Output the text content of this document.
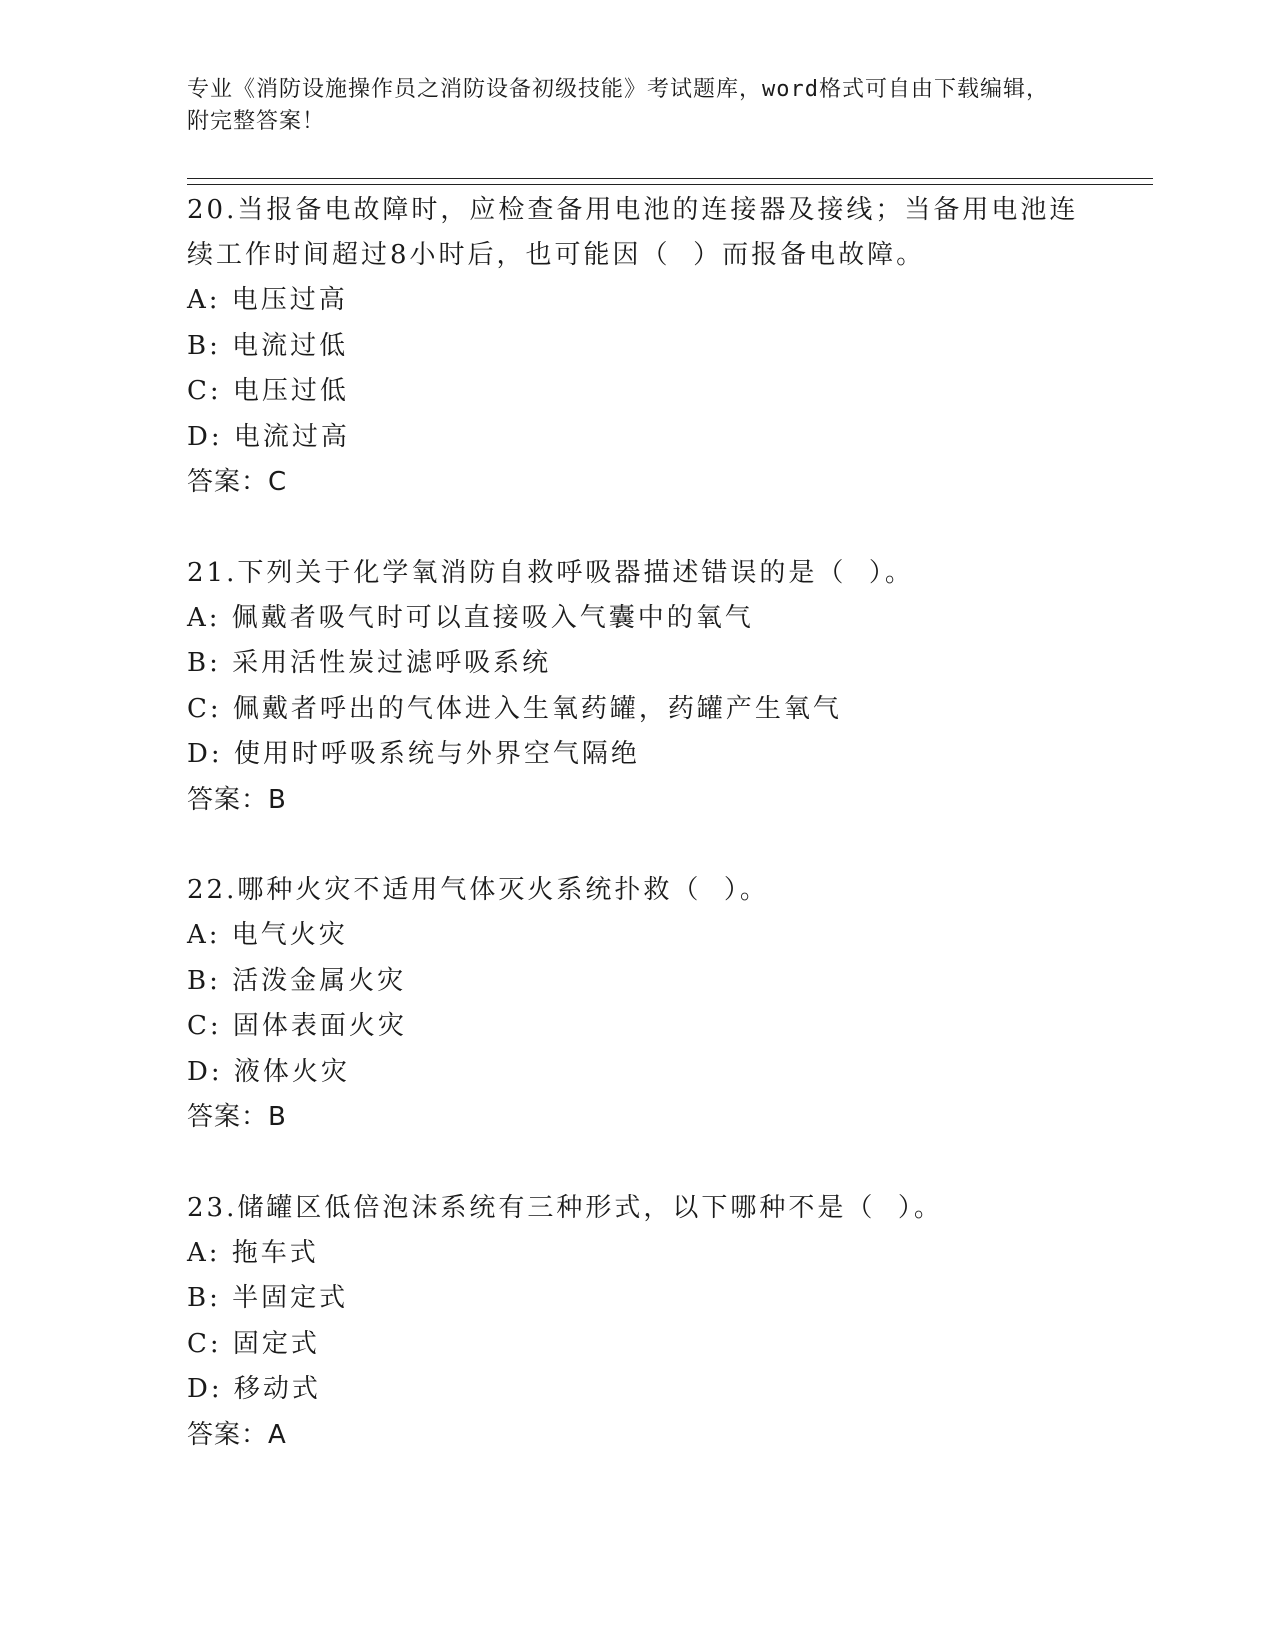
专业《消防设施操作员之消防设备初级技能》考试题库，word格式可自由下载编辑，附完整答案！
20.当报备电故障时，应检查备用电池的连接器及接线；当备用电池连续工作时间超过8小时后，也可能因（  ）而报备电故障。
A: 电压过高
B: 电流过低
C: 电压过低
D: 电流过高
答案：C
21.下列关于化学氧消防自救呼吸器描述错误的是（  ）。
A: 佩戴者吸气时可以直接吸入气囊中的氧气
B: 采用活性炭过滤呼吸系统
C: 佩戴者呼出的气体进入生氧药罐，药罐产生氧气
D: 使用时呼吸系统与外界空气隔绝
答案：B
22.哪种火灾不适用气体灭火系统扑救（  ）。
A: 电气火灾
B: 活泼金属火灾
C: 固体表面火灾
D: 液体火灾
答案：B
23.储罐区低倍泡沫系统有三种形式，以下哪种不是（  ）。
A: 拖车式
B: 半固定式
C: 固定式
D: 移动式
答案：A
